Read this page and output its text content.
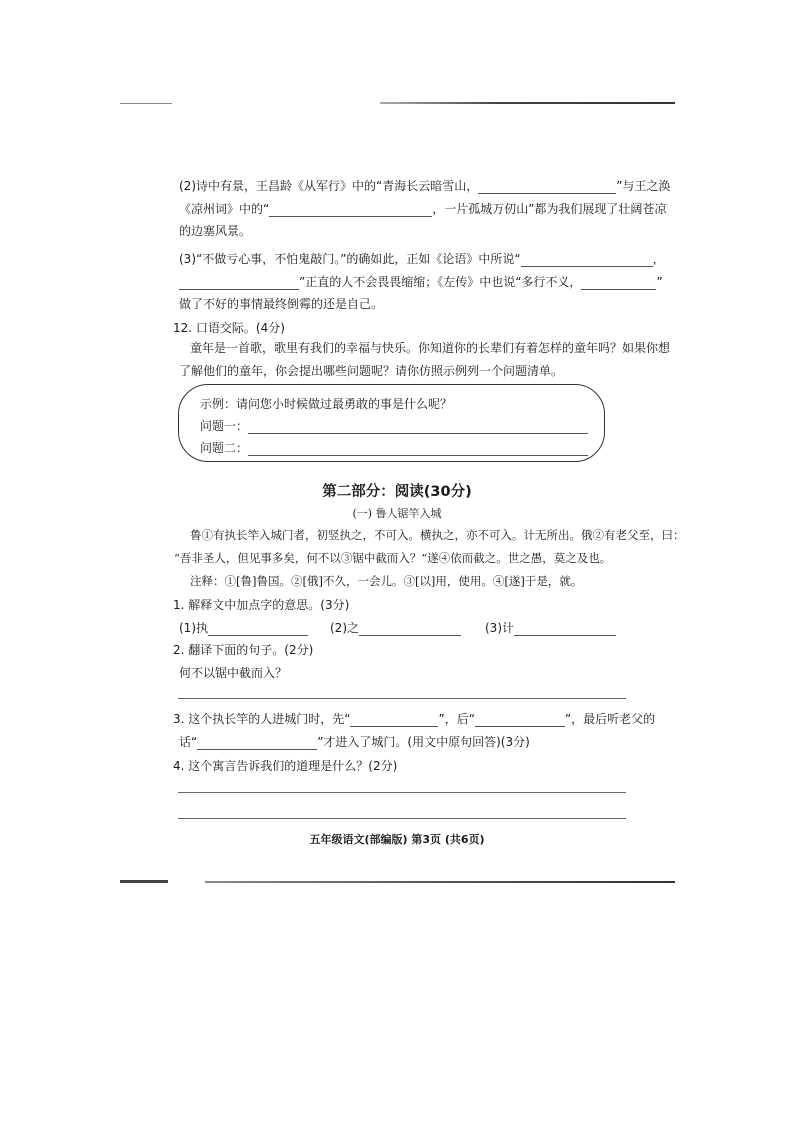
(2)诗中有景，王昌龄《从军行》中的“青海长云暗雪山，	”与王之涣
《凉州词》中的“	，一片孤城万仞山”都为我们展现了壮阔苍凉
的边塞风景。
(3)“不做亏心事，不怕鬼敲门。”的确如此，正如《论语》中所说“	，
”正直的人不会畏畏缩缩；《左传》中也说“多行不义，	”
做了不好的事情最终倒霉的还是自己。
12. 口语交际。(4分)
童年是一首歌，歌里有我们的幸福与快乐。你知道你的长辈们有着怎样的童年吗？如果你想
了解他们的童年，你会提出哪些问题呢？请你仿照示例列一个问题清单。
示例：请问您小时候做过最勇敢的事是什么呢？
问题一：
问题二：
第二部分：阅读(30分)
(一) 鲁人锯竿入城
鲁①有执长竿入城门者，初竖执之，不可入。横执之，亦不可入。计无所出。俄②有老父至，曰：
“吾非圣人，但见事多矣，何不以③锯中截而入？”遂④依而截之。世之愚，莫之及也。
注释：①[鲁]鲁国。②[俄]不久，一会儿。③[以]用，使用。④[遂]于是，就。
1. 解释文中加点字的意思。(3分)
(1)执	(2)之	(3)计
2. 翻译下面的句子。(2分)
何不以锯中截而入？
3. 这个执长竿的人进城门时，先“	”，后“	”，最后听老父的
话“	”才进入了城门。(用文中原句回答)(3分)
4. 这个寓言告诉我们的道理是什么？(2分)
五年级语文(部编版) 第3页 (共6页)
